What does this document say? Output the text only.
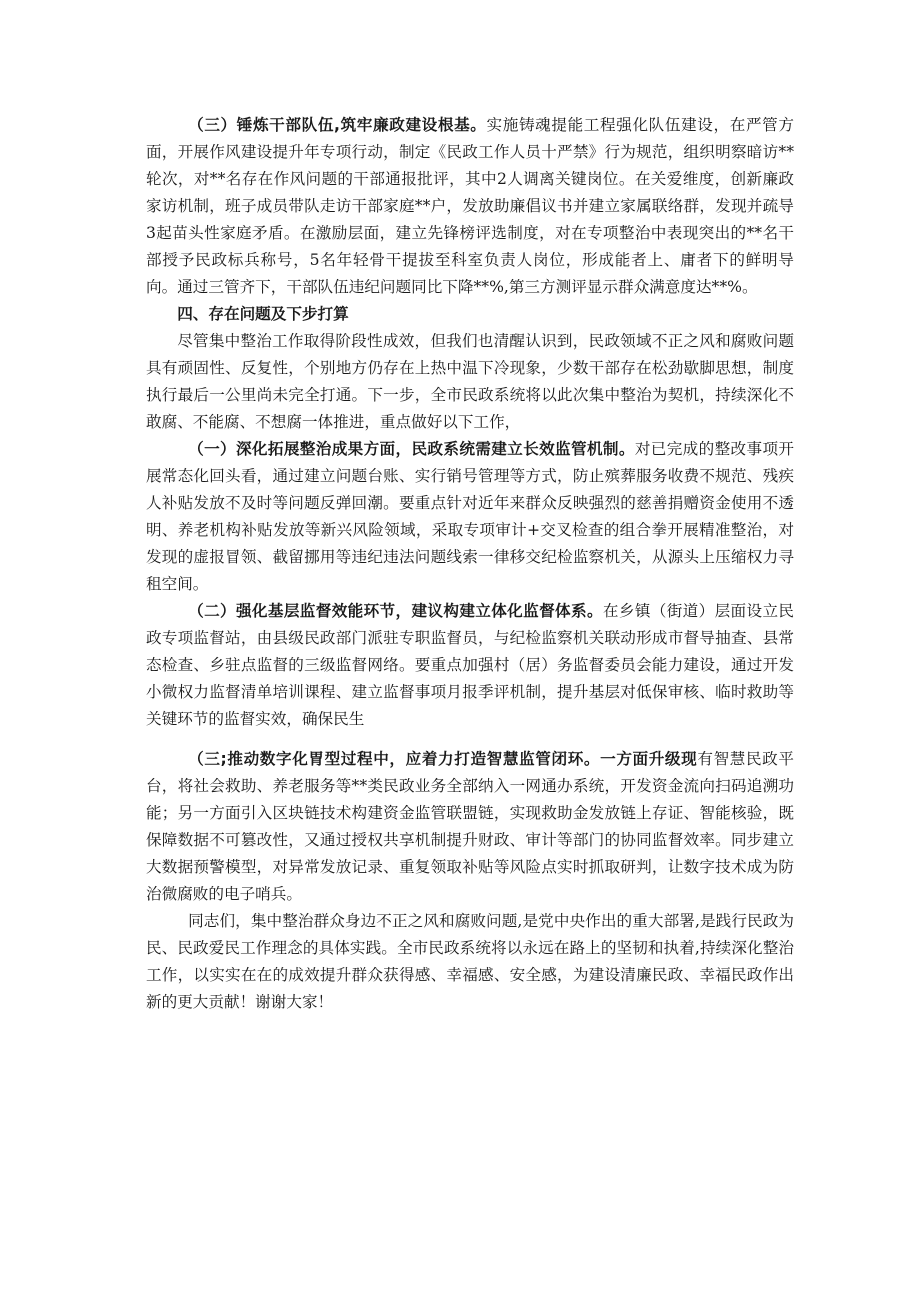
（三）锤炼干部队伍,筑牢廉政建设根基。实施铸魂提能工程强化队伍建设，在严管方面，开展作风建设提升年专项行动，制定《民政工作人员十严禁》行为规范，组织明察暗访**轮次，对**名存在作风问题的干部通报批评，其中2人调离关键岗位。在关爱维度，创新廉政家访机制，班子成员带队走访干部家庭**户，发放助廉倡议书并建立家属联络群，发现并疏导3起苗头性家庭矛盾。在激励层面，建立先锋榜评选制度，对在专项整治中表现突出的**名干部授予民政标兵称号，5名年轻骨干提拔至科室负责人岗位，形成能者上、庸者下的鲜明导向。通过三管齐下，干部队伍违纪问题同比下降**%,第三方测评显示群众满意度达**%。

四、存在问题及下步打算

尽管集中整治工作取得阶段性成效，但我们也清醒认识到，民政领域不正之风和腐败问题具有顽固性、反复性，个别地方仍存在上热中温下冷现象，少数干部存在松劲歇脚思想，制度执行最后一公里尚未完全打通。下一步，全市民政系统将以此次集中整治为契机，持续深化不敢腐、不能腐、不想腐一体推进，重点做好以下工作，

（一）深化拓展整治成果方面，民政系统需建立长效监管机制。对已完成的整改事项开展常态化回头看，通过建立问题台账、实行销号管理等方式，防止殡葬服务收费不规范、残疾人补贴发放不及时等问题反弹回潮。要重点针对近年来群众反映强烈的慈善捐赠资金使用不透明、养老机构补贴发放等新兴风险领域，采取专项审计+交叉检查的组合拳开展精准整治，对发现的虚报冒领、截留挪用等违纪违法问题线索一律移交纪检监察机关，从源头上压缩权力寻租空间。

（二）强化基层监督效能环节，建议构建立体化监督体系。在乡镇（街道）层面设立民政专项监督站，由县级民政部门派驻专职监督员，与纪检监察机关联动形成市督导抽查、县常态检查、乡驻点监督的三级监督网络。要重点加强村（居）务监督委员会能力建设，通过开发小微权力监督清单培训课程、建立监督事项月报季评机制，提升基层对低保审核、临时救助等关键环节的监督实效，确保民生

（三;推动数字化胃型过程中，应着力打造智慧监管闭环。一方面升级现有智慧民政平台，将社会救助、养老服务等**类民政业务全部纳入一网通办系统，开发资金流向扫码追溯功能；另一方面引入区块链技术构建资金监管联盟链，实现救助金发放链上存证、智能核验，既保障数据不可篡改性，又通过授权共享机制提升财政、审计等部门的协同监督效率。同步建立大数据预警模型，对异常发放记录、重复领取补贴等风险点实时抓取研判，让数字技术成为防治微腐败的电子哨兵。

同志们，集中整治群众身边不正之风和腐败问题,是党中央作出的重大部署,是践行民政为民、民政爱民工作理念的具体实践。全市民政系统将以永远在路上的坚韧和执着,持续深化整治工作，以实实在在的成效提升群众获得感、幸福感、安全感，为建设清廉民政、幸福民政作出新的更大贡献！谢谢大家！
